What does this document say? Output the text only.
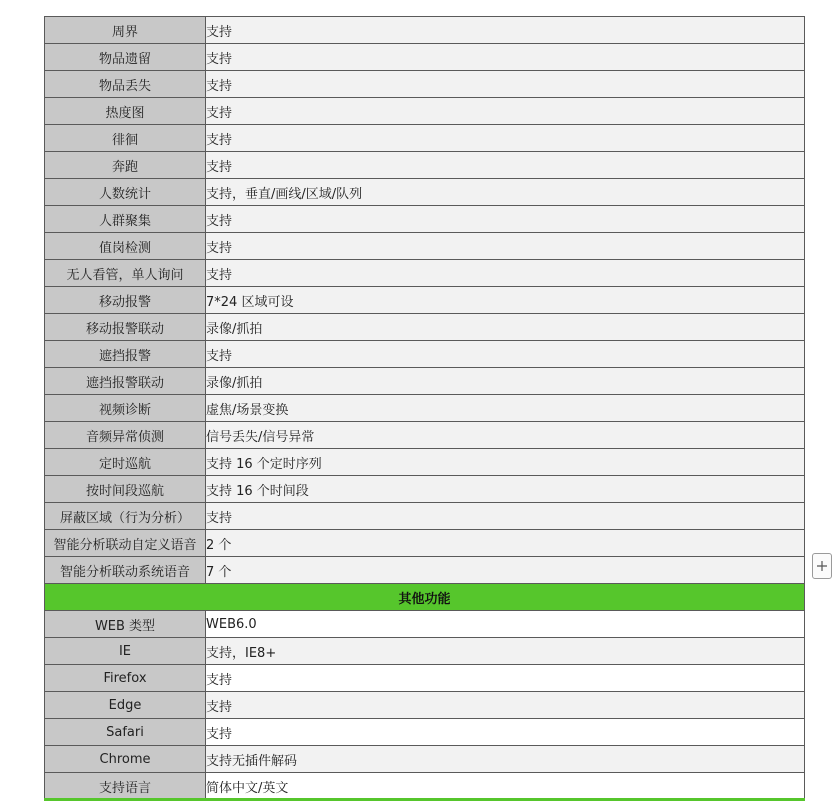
周界	支持
物品遗留	支持
物品丢失	支持
热度图	支持
徘徊	支持
奔跑	支持
人数统计	支持，垂直/画线/区域/队列
人群聚集	支持
值岗检测	支持
无人看管，单人询问	支持
移动报警	7*24 区域可设
移动报警联动	录像/抓拍
遮挡报警	支持
遮挡报警联动	录像/抓拍
视频诊断	虚焦/场景变换
音频异常侦测	信号丢失/信号异常
定时巡航	支持 16 个定时序列
按时间段巡航	支持 16 个时间段
屏蔽区域（行为分析）	支持
智能分析联动自定义语音	2 个
智能分析联动系统语音	7 个
其他功能	
WEB 类型	WEB6.0
IE	支持，IE8+
Firefox	支持
Edge	支持
Safari	支持
Chrome	支持无插件解码
支持语言	简体中文/英文
